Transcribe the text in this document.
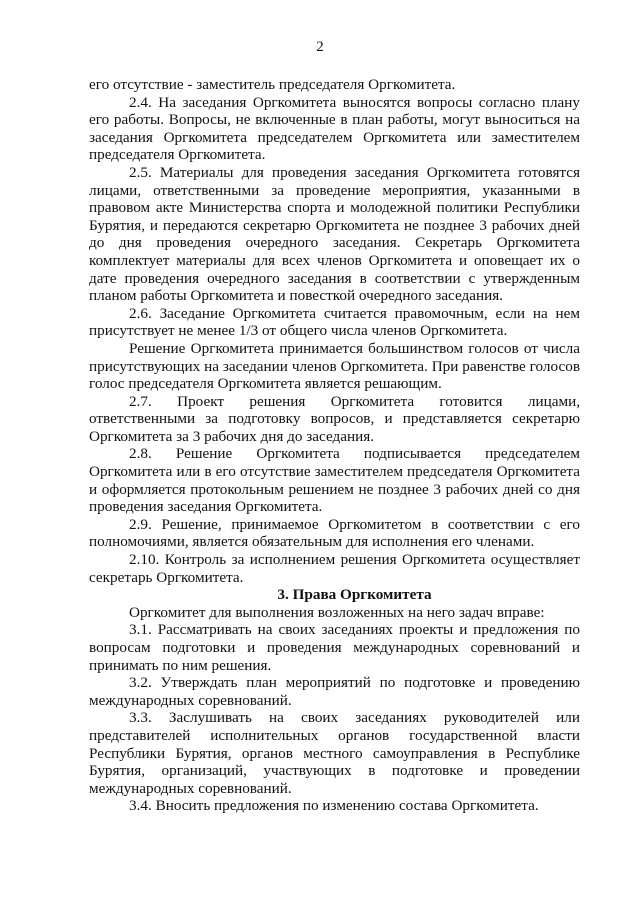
2

его отсутствие - заместитель председателя Оргкомитета.

2.4. На заседания Оргкомитета выносятся вопросы согласно плану его работы. Вопросы, не включенные в план работы, могут выноситься на заседания Оргкомитета председателем Оргкомитета или заместителем председателя Оргкомитета.

2.5. Материалы для проведения заседания Оргкомитета готовятся лицами, ответственными за проведение мероприятия, указанными в правовом акте Министерства спорта и молодежной политики Республики Бурятия, и передаются секретарю Оргкомитета не позднее 3 рабочих дней до дня проведения очередного заседания. Секретарь Оргкомитета комплектует материалы для всех членов Оргкомитета и оповещает их о дате проведения очередного заседания в соответствии с утвержденным планом работы Оргкомитета и повесткой очередного заседания.

2.6. Заседание Оргкомитета считается правомочным, если на нем присутствует не менее 1/3 от общего числа членов Оргкомитета.

Решение Оргкомитета принимается большинством голосов от числа присутствующих на заседании членов Оргкомитета. При равенстве голосов голос председателя Оргкомитета является решающим.

2.7. Проект решения Оргкомитета готовится лицами, ответственными за подготовку вопросов, и представляется секретарю Оргкомитета за 3 рабочих дня до заседания.

2.8. Решение Оргкомитета подписывается председателем Оргкомитета или в его отсутствие заместителем председателя Оргкомитета и оформляется протокольным решением не позднее 3 рабочих дней со дня проведения заседания Оргкомитета.

2.9. Решение, принимаемое Оргкомитетом в соответствии с его полномочиями, является обязательным для исполнения его членами.

2.10. Контроль за исполнением решения Оргкомитета осуществляет секретарь Оргкомитета.

3. Права Оргкомитета

Оргкомитет для выполнения возложенных на него задач вправе:

3.1. Рассматривать на своих заседаниях проекты и предложения по вопросам подготовки и проведения международных соревнований и принимать по ним решения.

3.2. Утверждать план мероприятий по подготовке и проведению международных соревнований.

3.3. Заслушивать на своих заседаниях руководителей или представителей исполнительных органов государственной власти Республики Бурятия, органов местного самоуправления в Республике Бурятия, организаций, участвующих в подготовке и проведении международных соревнований.

3.4. Вносить предложения по изменению состава Оргкомитета.
